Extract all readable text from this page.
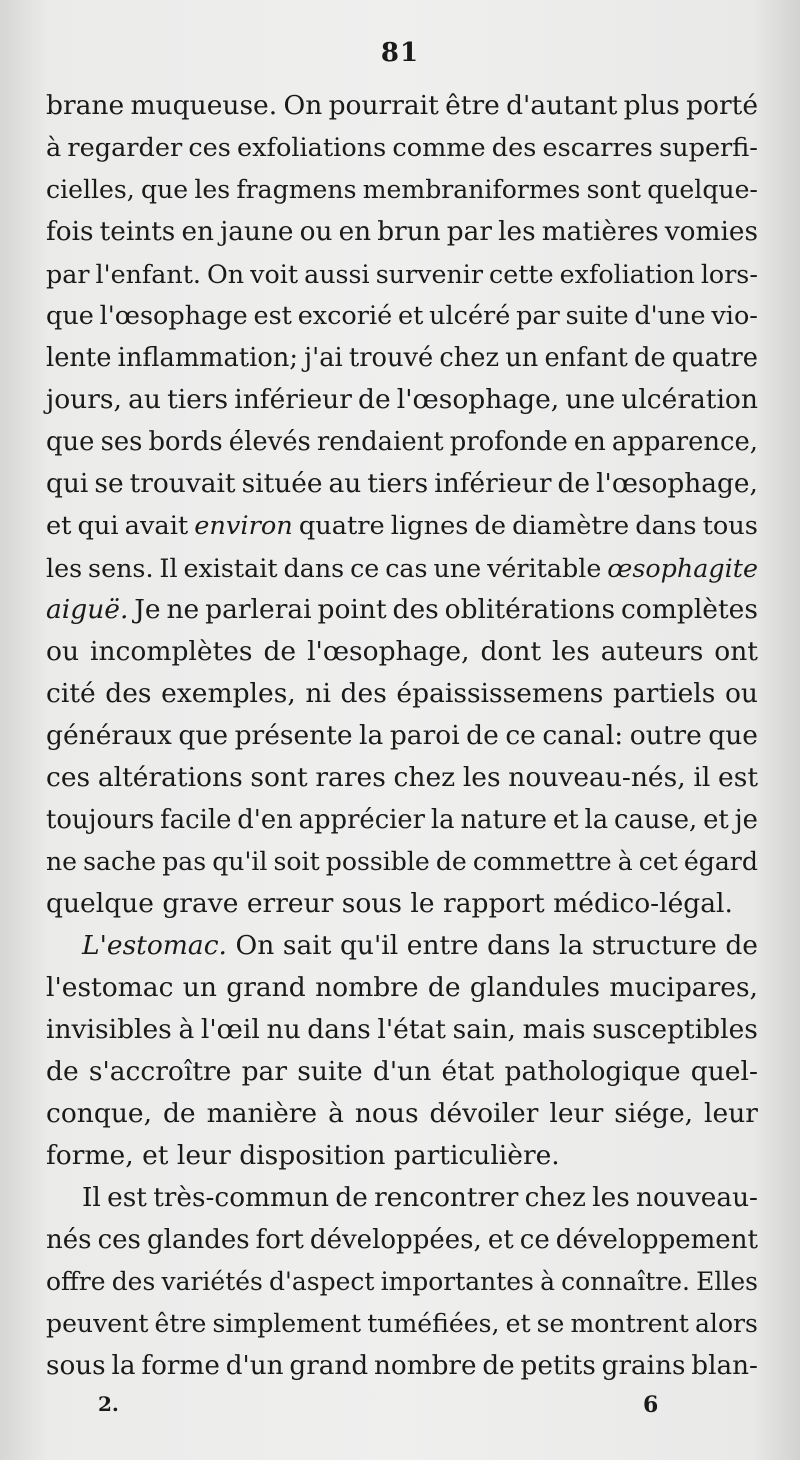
81
brane muqueuse. On pourrait être d'autant plus porté
à regarder ces exfoliations comme des escarres superfi-
cielles, que les fragmens membraniformes sont quelque-
fois teints en jaune ou en brun par les matières vomies
par l'enfant. On voit aussi survenir cette exfoliation lors-
que l'œsophage est excorié et ulcéré par suite d'une vio-
lente inflammation; j'ai trouvé chez un enfant de quatre
jours, au tiers inférieur de l'œsophage, une ulcération
que ses bords élevés rendaient profonde en apparence,
qui se trouvait située au tiers inférieur de l'œsophage,
et qui avait environ quatre lignes de diamètre dans tous
les sens. Il existait dans ce cas une véritable œsophagite
aiguë. Je ne parlerai point des oblitérations complètes
ou incomplètes de l'œsophage, dont les auteurs ont
cité des exemples, ni des épaississemens partiels ou
généraux que présente la paroi de ce canal: outre que
ces altérations sont rares chez les nouveau-nés, il est
toujours facile d'en apprécier la nature et la cause, et je
ne sache pas qu'il soit possible de commettre à cet égard
quelque
grave
erreur
sous
le
rapport
médico-légal.
L'estomac. On sait qu'il entre dans la structure de
l'estomac un grand nombre de glandules mucipares,
invisibles à l'œil nu dans l'état sain, mais susceptibles
de s'accroître par suite d'un état pathologique quel-
conque, de manière à nous dévoiler leur siége, leur
forme,
et
leur
disposition
particulière.
Il est très-commun de rencontrer chez les nouveau-
nés ces glandes fort développées, et ce développement
offre des variétés d'aspect importantes à connaître. Elles
peuvent être simplement tuméfiées, et se montrent alors
sous la forme d'un grand nombre de petits grains blan-
2.	6
